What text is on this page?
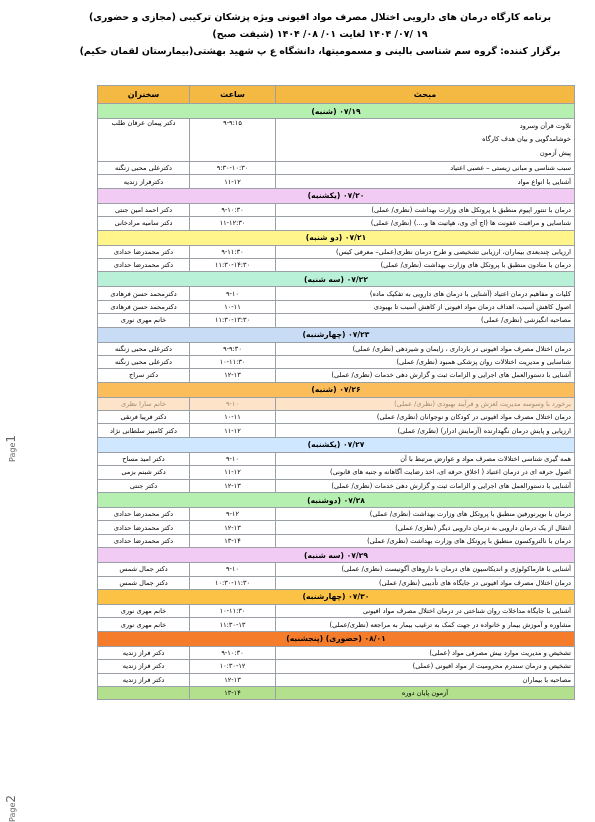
برنامه کارگاه درمان های دارویی اختلال مصرف مواد افیونی ویژه پزشکان ترکیبی (مجازی و حضوری)
۱۹ /۰۷/ ۱۴۰۴ لغایت ۰۱/ ۰۸/ ۱۴۰۴ (شیفت صبح)
برگزار کننده: گروه سم شناسی بالینی و مسمومیتها، دانشگاه ع پ شهید بهشتی(بیمارستان لقمان حکیم)
Page1
Page2
سخنران	ساعت	مبحث
(شنبه) ۰۷/۱۹		
دکتر پیمان عرفان طلب	۹-۹:۱۵	تلاوت قرآن وسرود
خوشامدگویی و بیان هدف کارگاه
پیش آزمون

دکترعلی محبی زنگنه	۹:۳۰-۱۰:۳۰	سبب شناسی و مبانی زیستی – عصبی اعتیاد
دکترفراز زندیه	۱۱-۱۲	آشنایی با انواع مواد
(یکشنبه) ۰۷/۲۰		
دکتر احمد امین جنتی	۹-۱۰:۳۰	درمان با تنتور اپیوم منطبق با پروتکل های وزارت بهداشت (نظری/ عملی)
دکتر سامیه مرادخانی	۱۱-۱۲:۳۰	شناسایی و مراقبت عفونت ها (اچ آی وی، هپاتیت ها و....) (نظری/ عملی)
(دو شنبه) ۰۷/۲۱		
دکتر محمدرضا حدادی	۹-۱۱:۳۰	ارزیابی چندبعدی بیماران، ارزیابی تشخیصی و طرح درمان نظری(عملی– معرفی کیس)
دکتر محمدرضا حدادی	۱۱:۳۰-۱۴:۳۰	درمان با متادون منطبق با پروتکل های وزارت بهداشت (نظری/ عملی)
(سه شنبه) ۰۷/۲۲		
دکترمحمد حسن فرهادی	۹-۱۰	کلیات و مفاهیم درمان اعتیاد (آشنایی با درمان های دارویی به تفکیک ماده)
دکترمحمد حسن فرهادی	۱۰-۱۱	اصول کاهش آسیب، اهداف درمان مواد افیونی از کاهش آسیب تا بهبودی
خانم مهری نوری	۱۱:۳۰-۱۳:۳۰	مصاحبه انگیزشی (نظری/ عملی)
(چهارشنبه) ۰۷/۲۳		
دکترعلی محبی زنگنه	۹-۹:۳۰	درمان اختلال مصرف مواد افیونی در بارداری ، زایمان و شیردهی (نظری/ عملی)
دکترعلی محبی زنگنه	۱۰-۱۱:۳۰	شناسایی و مدیریت اختلالات روان پزشکی همبود (نظری/ عملی)
دکتر سراج	۱۲-۱۳	آشنایی با دستورالعمل های اجرایی و الزامات ثبت و گزارش دهی خدمات (نظری/ عملی)
(شنبه) ۰۷/۲۶		
خانم سارا نظری	۹-۱۰	برخورد با وسوسه مدیریت لغزش و فرآیند بهبودی (نظری/ عملی)
دکتر فریبا فرنقی	۱۰-۱۱	درمان اختلال مصرف مواد افیونی در کودکان و نوجوانان (نظری/ عملی)
دکتر کامبیز سلطانی نژاد	۱۱-۱۲	ارزیابی و پایش درمان نگهدارنده (آزمایش ادرار) (نظری/ عملی)
(یکشنبه) ۰۷/۲۷		
دکتر امید مساح	۹-۱۰	همه گیری شناسی اختلالات مصرف مواد و عوارض مرتبط با آن
دکتر شبنم بزمی	۱۱-۱۲	اصول حرفه ای در درمان اعتیاد ( اخلاق حرفه ای، اخذ رضایت آگاهانه و جنبه های قانونی)
دکتر جنتی	۱۲-۱۳	آشنایی با دستورالعمل های اجرایی و الزامات ثبت و گزارش دهی خدمات (نظری/ عملی)
(دوشنبه) ۰۷/۲۸		
دکتر محمدرضا حدادی	۹-۱۲	درمان با بوپرنورفین منطبق با پروتکل های وزارت بهداشت (نظری/ عملی)
دکتر محمدرضا حدادی	۱۲-۱۳	انتقال از یک درمان دارویی به درمان دارویی دیگر (نظری/ عملی)
دکتر محمدرضا حدادی	۱۳-۱۴	درمان با نالتروکسون منطبق با پروتکل های وزارت بهداشت (نظری/ عملی)
(سه شنبه) ۰۷/۲۹		
دکتر جمال شمس	۹-۱۰	آشنایی با فارماکولوژی و اندیکاسیون های درمان با داروهای آگونیست (نظری/ عملی)
دکتر جمال شمس	۱۰:۳۰-۱۱:۳۰	درمان اختلال مصرف مواد افیونی در جایگاه های تأدیبی (نظری/ عملی)
(چهارشنبه) ۰۷/۳۰		
خانم مهری نوری	۱۰-۱۱:۳۰	آشنایی با جایگاه مداخلات روان شناختی در درمان اختلال مصرف مواد افیونی
خانم مهری نوری	۱۱:۳۰-۱۳	مشاوره و آموزش بیمار و خانواده در جهت کمک به ترغیب بیمار به مراجعه (نظری/عملی)
(پنجشنبه) ۰۸/۰۱ (حضوری)		
دکتر فراز زندیه	۹-۱۰:۳۰	تشخیص و مدیریت موارد بیش مصرفی مواد (عملی)
دکتر فراز زندیه	۱۰:۳۰-۱۲	تشخیص و درمان سندرم محرومیت از مواد افیونی (عملی)
دکتر فراز زندیه	۱۲-۱۳	مصاحبه با بیماران
	۱۳-۱۴	آزمون پایان دوره
